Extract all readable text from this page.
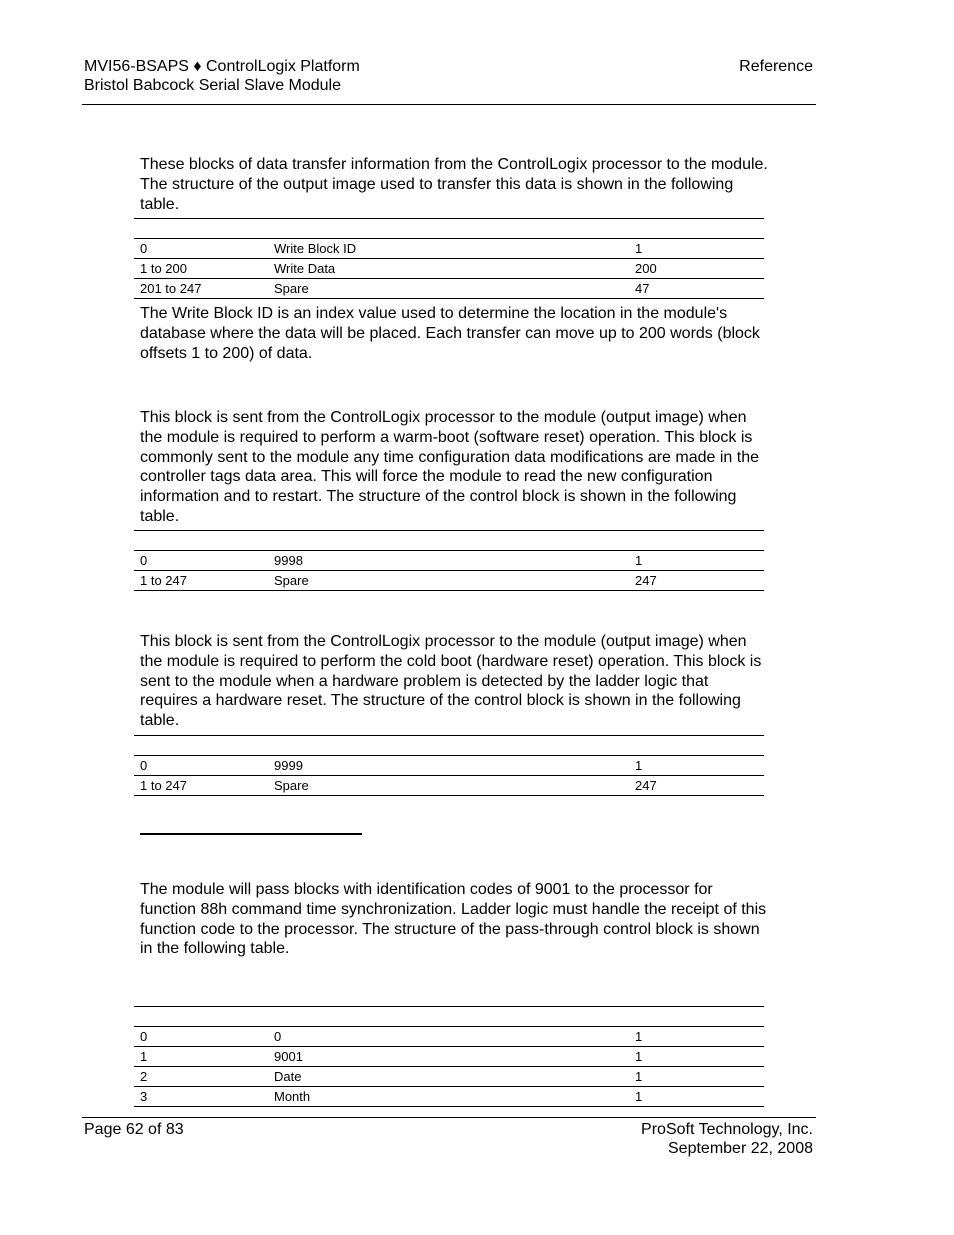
MVI56-BSAPS ♦ ControlLogix Platform
Bristol Babcock Serial Slave Module
Reference
These blocks of data transfer information from the ControlLogix processor to the module. The structure of the output image used to transfer this data is shown in the following table.
0	Write Block ID	1
1 to 200	Write Data	200
201 to 247	Spare	47
The Write Block ID is an index value used to determine the location in the module's database where the data will be placed. Each transfer can move up to 200 words (block offsets 1 to 200) of data.
This block is sent from the ControlLogix processor to the module (output image) when the module is required to perform a warm-boot (software reset) operation. This block is commonly sent to the module any time configuration data modifications are made in the controller tags data area. This will force the module to read the new configuration information and to restart. The structure of the control block is shown in the following table.
0	9998	1
1 to 247	Spare	247
This block is sent from the ControlLogix processor to the module (output image) when the module is required to perform the cold boot (hardware reset) operation. This block is sent to the module when a hardware problem is detected by the ladder logic that requires a hardware reset. The structure of the control block is shown in the following table.
0	9999	1
1 to 247	Spare	247
The module will pass blocks with identification codes of 9001 to the processor for function 88h command time synchronization. Ladder logic must handle the receipt of this function code to the processor. The structure of the pass-through control block is shown in the following table.
0	0	1
1	9001	1
2	Date	1
3	Month	1
Page 62 of 83	ProSoft Technology, Inc.
September 22, 2008
